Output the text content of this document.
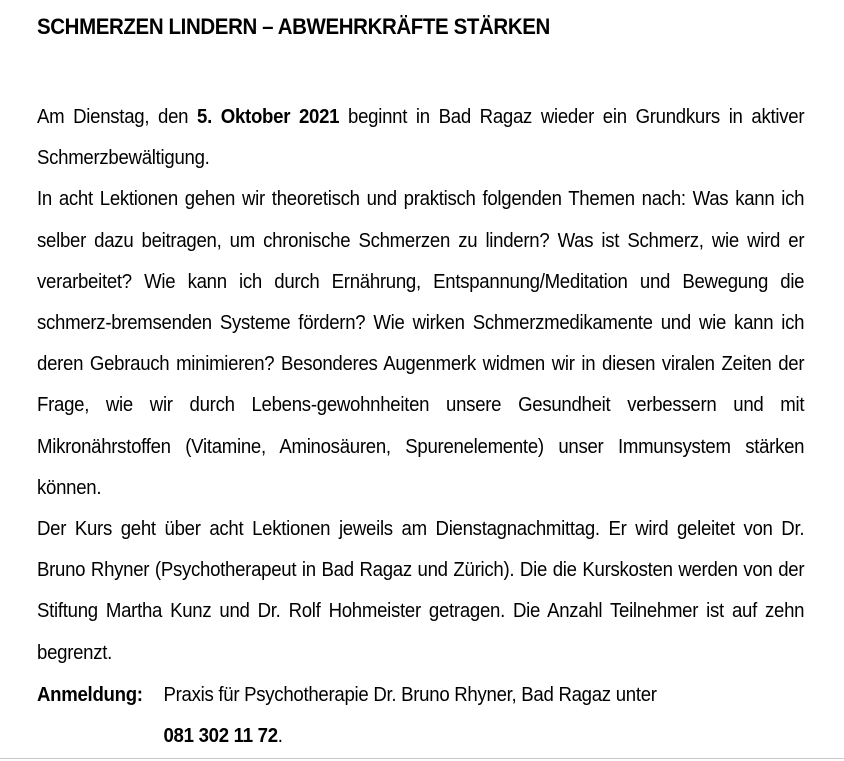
SCHMERZEN LINDERN – ABWEHRKRÄFTE STÄRKEN

Am Dienstag, den 5. Oktober 2021 beginnt in Bad Ragaz wieder ein Grundkurs in aktiver Schmerzbewältigung.

In acht Lektionen gehen wir theoretisch und praktisch folgenden Themen nach: Was kann ich selber dazu beitragen, um chronische Schmerzen zu lindern? Was ist Schmerz, wie wird er verarbeitet? Wie kann ich durch Ernährung, Entspannung/Meditation und Bewegung die schmerz-bremsenden Systeme fördern? Wie wirken Schmerzmedikamente und wie kann ich deren Gebrauch minimieren? Besonderes Augenmerk widmen wir in diesen viralen Zeiten der Frage, wie wir durch Lebens-gewohnheiten unsere Gesundheit verbessern und mit Mikronährstoffen (Vitamine, Aminosäuren, Spurenelemente) unser Immunsystem stärken können.

Der Kurs geht über acht Lektionen jeweils am Dienstagnachmittag. Er wird geleitet von Dr. Bruno Rhyner (Psychotherapeut in Bad Ragaz und Zürich). Die die Kurskosten werden von der Stiftung Martha Kunz und Dr. Rolf Hohmeister getragen. Die Anzahl Teilnehmer ist auf zehn begrenzt.

Anmeldung: Praxis für Psychotherapie Dr. Bruno Rhyner, Bad Ragaz unter
081 302 11 72.
